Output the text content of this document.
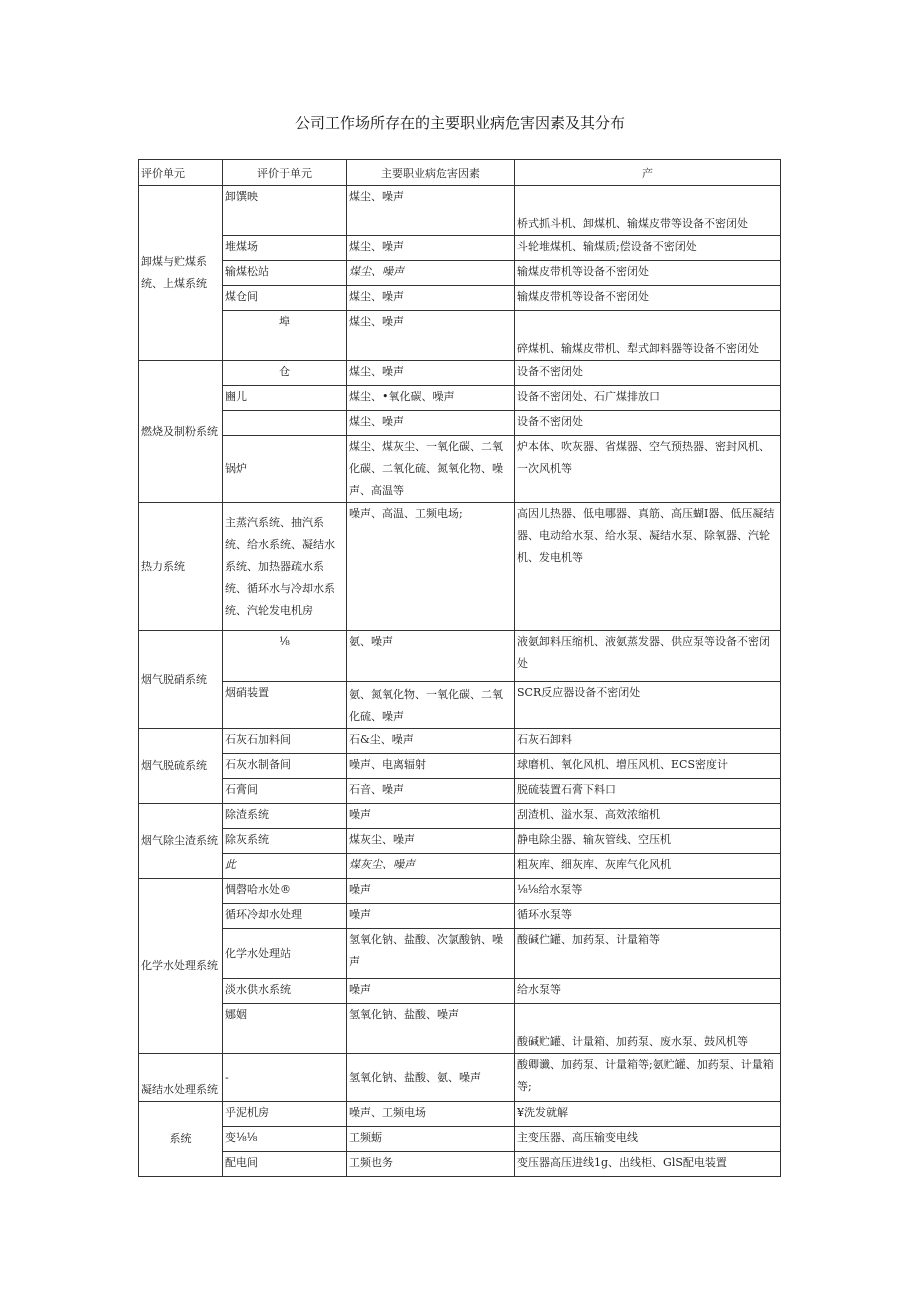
公司工作场所存在的主要职业病危害因素及其分布
评价单元	评价于单元	主要职业病危害因素	产
卸煤与贮煤系统、上煤系统	卸馔映	煤尘、噪声	桥式抓斗机、卸煤机、输煤皮带等设备不密闭处
	堆煤场	煤尘、噪声	斗轮堆煤机、输煤质;偿设备不密闭处
	输煤松站	煤尘、噪声	输煤皮带机等设备不密闭处
	煤仓间	煤尘、噪声	输煤皮带机等设备不密闭处
	埠	煤尘、噪声	碎煤机、输煤皮带机、犁式卸料器等设备不密闭处
燃烧及制粉系统	仓	煤尘、噪声	设备不密闭处
	豳儿	煤尘、•氧化碳、噪声	设备不密闭处、石广煤排放口
		煤尘、噪声	设备不密闭处
	锅炉	煤尘、煤灰尘、一氧化碳、二氧化碳、二氧化硫、氮氧化物、噪声、高温等	炉本体、吹灰器、省煤器、空气预热器、密封风机、一次风机等
热力系统	主蒸汽系统、抽汽系统、给水系统、凝结水系统、加热器疏水系统、循环水与冷却水系统、汽轮发电机房	噪声、高温、工频电场;	高因儿热器、低电哪器、真筋、高压蝴I器、低压凝结器、电动给水泵、给水泵、凝结水泵、除氧器、汽轮机、发电机等
烟气脱硝系统	⅛	氨、噪声	液氨卸料压缩机、液氨蒸发器、供应泵等设备不密闭处
	烟硝装置	氨、氮氧化物、一氧化碳、二氧化硫、噪声	SCR反应器设备不密闭处
烟气脱硫系统	石灰石加料间	石&尘、噪声	石灰石卸料
	石灰水制备间	噪声、电离辐射	球磨机、氧化风机、增压风机、ECS密度计
	石膏间	石音、噪声	脱硫装置石膏下料口
烟气除尘渣系统	除渣系统	噪声	刮渣机、溢水泵、高效浓缩机
	除灰系统	煤灰尘、噪声	静电除尘器、输灰管线、空压机
	此	煤灰尘、噪声	粗灰库、细灰库、灰库气化风机
化学水处理系统	惆磬哈水处®	噪声	⅛⅛给水泵等
	循环冷却水处理	噪声	循环水泵等
	化学水处理站	氢氧化钠、盐酸、次氯酸钠、噪声	酸碱伫罐、加药泵、计量箱等
	淡水供水系统	噪声	给水泵等
	娜姻	氢氧化钠、盐酸、噪声	酸碱贮罐、计量箱、加药泵、废水泵、鼓风机等
凝结水处理系统	-	氢氧化钠、盐酸、氨、噪声	酸卿谶、加药泵、计量箱等;氨贮罐、加药泵、计量箱等;
系统	乎泥机房	噪声、工频电场	¥洗发就解
	变⅛⅛	工频蛎	主变压器、高压输变电线
	配电间	工频也务	变压器高压进线1g、出线柜、GlS配电装置
